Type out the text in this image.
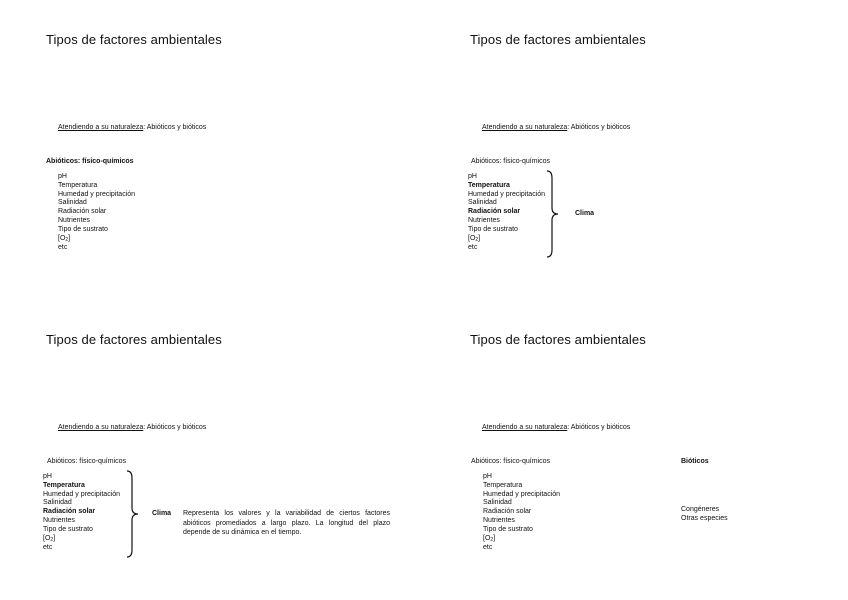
Tipos de factores ambientales
Atendiendo a su naturaleza: Abióticos y bióticos
Abióticos: físico-químicos
pH
Temperatura
Humedad y precipitación
Salinidad
Radiación solar
Nutrientes
Tipo de sustrato
$[O_2]$
etc
Tipos de factores ambientales
Atendiendo a su naturaleza: Abióticos y bióticos
Abióticos: físico-químicos
pH
Temperatura
Humedad y precipitación
Salinidad
Radiación solar
Nutrientes
Tipo de sustrato
$[O_2]$
etc
Clima
Tipos de factores ambientales
Atendiendo a su naturaleza: Abióticos y bióticos
Abióticos: físico-químicos
pH
Temperatura
Humedad y precipitación
Salinidad
Radiación solar
Nutrientes
Tipo de sustrato
$[O_2]$
etc
Clima Representa los valores y la variabilidad de ciertos factores abióticos promediados a largo plazo. La longitud del plazo depende de su dinámica en el tiempo.
Tipos de factores ambientales
Atendiendo a su naturaleza: Abióticos y bióticos
Abióticos: físico-químicos
pH
Temperatura
Humedad y precipitación
Salinidad
Radiación solar
Nutrientes
Tipo de sustrato
$[O_2]$
etc
Bióticos
Congéneres
Otras especies
